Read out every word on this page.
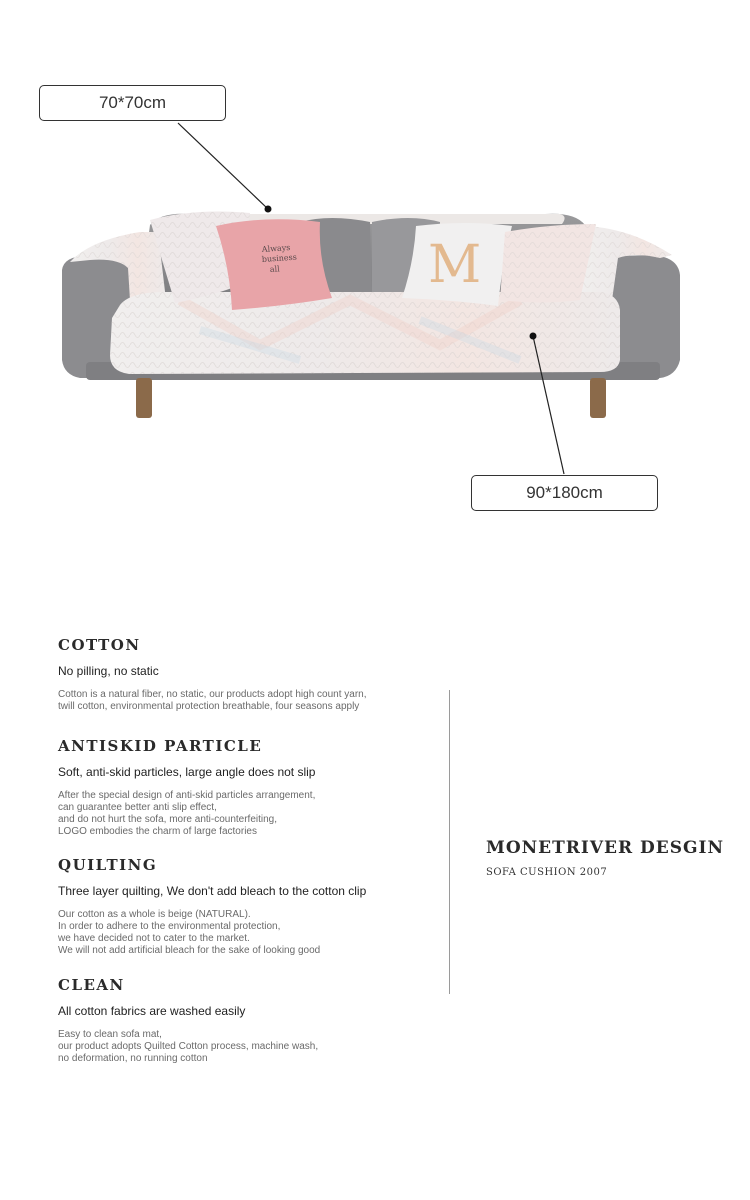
Always
business
all	M
70*70cm
90*180cm
COTTON

No pilling, no static

Cotton is a natural fiber, no static, our products adopt high count yarn,
twill cotton, environmental protection breathable, four seasons apply

ANTISKID PARTICLE

Soft, anti-skid particles, large angle does not slip

After the special design of anti-skid particles arrangement,
can guarantee better anti slip effect,
and do not hurt the sofa, more anti-counterfeiting,
LOGO embodies the charm of large factories

QUILTING

Three layer quilting, We don't add bleach to the cotton clip

Our cotton as a whole is beige (NATURAL).
In order to adhere to the environmental protection,
we have decided not to cater to the market.
We will not add artificial bleach for the sake of looking good

CLEAN

All cotton fabrics are washed easily

Easy to clean sofa mat,
our product adopts Quilted Cotton process, machine wash,
no deformation, no running cotton

MONETRIVER DESGIN

SOFA CUSHION 2007
